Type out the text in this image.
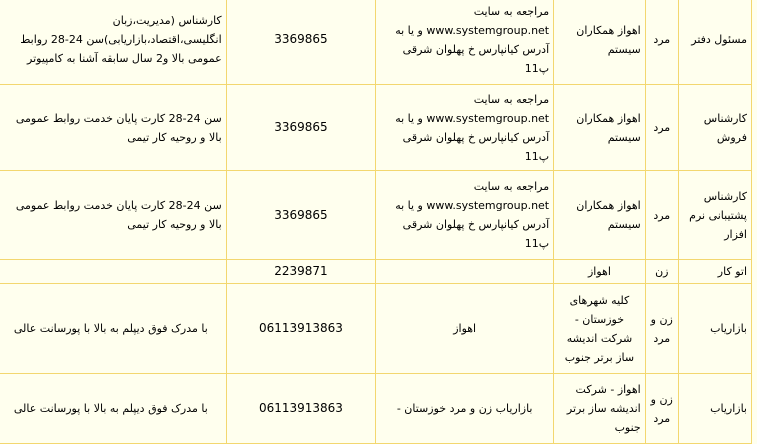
مسئول دفتر	مرد	اهواز همکاران سیستم	مراجعه به سایت www.systemgroup.net و یا به آدرس کیانپارس خ پهلوان شرقی پ11	3369865	کارشناس (مدیریت،زبان انگلیسی،اقتصاد،بازاریابی)سن 24-28 روابط عمومی بالا و2 سال سابقه آشنا به کامپیوتر
کارشناس فروش	مرد	اهواز همکاران سیستم	مراجعه به سایت www.systemgroup.net و یا به آدرس کیانپارس خ پهلوان شرقی پ11	3369865	سن 24-28 کارت پایان خدمت روابط عمومی بالا و روحیه کار تیمی
کارشناس پشتیبانی نرم افزار	مرد	اهواز همکاران سیستم	مراجعه به سایت www.systemgroup.net و یا به آدرس کیانپارس خ پهلوان شرقی پ11	3369865	سن 24-28 کارت پایان خدمت روابط عمومی بالا و روحیه کار تیمی
اتو کار	زن	اهواز		2239871	
بازاریاب	زن و مرد	کلیه شهرهای خوزستان - شرکت اندیشه ساز برتر جنوب	اهواز	06113913863	با مدرک فوق دیپلم به بالا با پورسانت عالی
بازاریاب	زن و مرد	اهواز - شرکت اندیشه ساز برتر جنوب	بازاریاب زن و مرد خوزستان -	06113913863	با مدرک فوق دیپلم به بالا با پورسانت عالی
